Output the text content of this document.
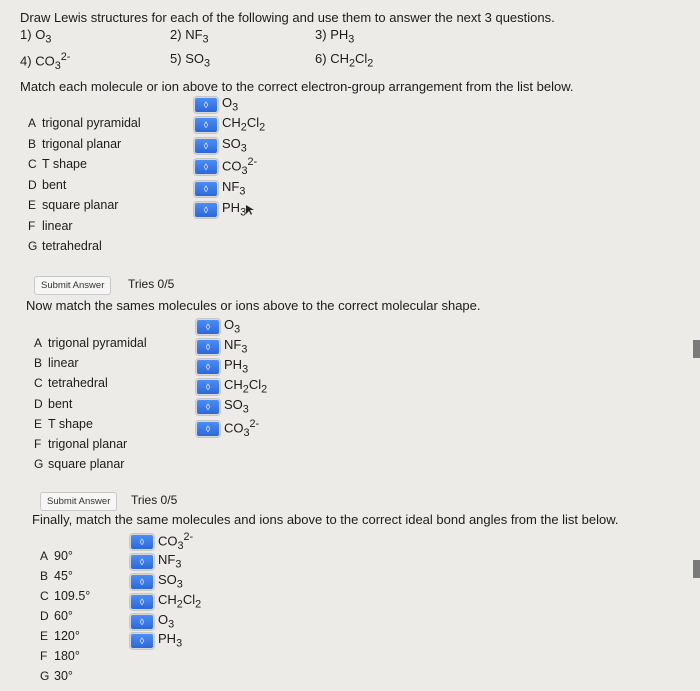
Draw Lewis structures for each of the following and use them to answer the next 3 questions.
1) $O_3$	2) $NF_3$	3) $PH_3$
4) $CO_3^{2-}$	5) $SO_3$	6) $CH_2Cl_2$
Match each molecule or ion above to the correct electron-group arrangement from the list below.
A trigonal pyramidal
B trigonal planar
C T shape
D bent
E square planar
F linear
G tetrahedral
◊	$O_3$
◊	$CH_2Cl_2$
◊	$SO_3$
◊	$CO_3^{2-}$
◊	$NF_3$
◊	$PH_3$
Submit Answer	Tries 0/5
Now match the sames molecules or ions above to the correct molecular shape.
A trigonal pyramidal
B linear
C tetrahedral
D bent
E T shape
F trigonal planar
G square planar
◊	$O_3$
◊	$NF_3$
◊	$PH_3$
◊	$CH_2Cl_2$
◊	$SO_3$
◊	$CO_3^{2-}$
Submit Answer	Tries 0/5
Finally, match the same molecules and ions above to the correct ideal bond angles from the list below.
A 90°
B 45°
C 109.5°
D 60°
E 120°
F 180°
G 30°
◊	$CO_3^{2-}$
◊	$NF_3$
◊	$SO_3$
◊	$CH_2Cl_2$
◊	$O_3$
◊	$PH_3$
